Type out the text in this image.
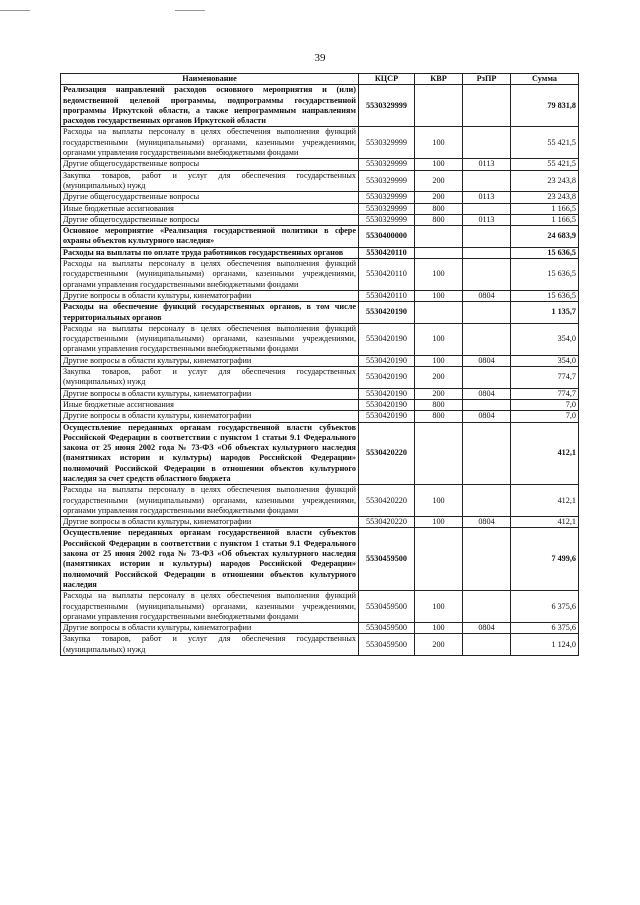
39
Наименование	КЦСР	КВР	РзПР	Сумма
Реализация направлений расходов основного мероприятия и (или) ведомственной целевой программы, подпрограммы государственной программы Иркутской области, а также непрограммным направлениям расходов государственных органов Иркутской области	5530329999			79 831,8
Расходы на выплаты персоналу в целях обеспечения выполнения функций государственными (муниципальными) органами, казенными учреждениями, органами управления государственными внебюджетными фондами	5530329999	100		55 421,5
Другие общегосударственные вопросы	5530329999	100	0113	55 421,5
Закупка товаров, работ и услуг для обеспечения государственных (муниципальных) нужд	5530329999	200		23 243,8
Другие общегосударственные вопросы	5530329999	200	0113	23 243,8
Иные бюджетные ассигнования	5530329999	800		1 166,5
Другие общегосударственные вопросы	5530329999	800	0113	1 166,5
Основное мероприятие «Реализация государственной политики в сфере охраны объектов культурного наследия»	5530400000			24 683,9
Расходы на выплаты по оплате труда работников государственных органов	5530420110			15 636,5
Расходы на выплаты персоналу в целях обеспечения выполнения функций государственными (муниципальными) органами, казенными учреждениями, органами управления государственными внебюджетными фондами	5530420110	100		15 636,5
Другие вопросы в области культуры, кинематографии	5530420110	100	0804	15 636,5
Расходы на обеспечение функций государственных органов, в том числе территориальных органов	5530420190			1 135,7
Расходы на выплаты персоналу в целях обеспечения выполнения функций государственными (муниципальными) органами, казенными учреждениями, органами управления государственными внебюджетными фондами	5530420190	100		354,0
Другие вопросы в области культуры, кинематографии	5530420190	100	0804	354,0
Закупка товаров, работ и услуг для обеспечения государственных (муниципальных) нужд	5530420190	200		774,7
Другие вопросы в области культуры, кинематографии	5530420190	200	0804	774,7
Иные бюджетные ассигнования	5530420190	800		7,0
Другие вопросы в области культуры, кинематографии	5530420190	800	0804	7,0
Осуществление переданных органам государственной власти субъектов Российской Федерации в соответствии с пунктом 1 статьи 9.1 Федерального закона от 25 июня 2002 года № 73-ФЗ «Об объектах культурного наследия (памятниках истории и культуры) народов Российской Федерации» полномочий Российской Федерации в отношении объектов культурного наследия за счет средств областного бюджета	5530420220			412,1
Расходы на выплаты персоналу в целях обеспечения выполнения функций государственными (муниципальными) органами, казенными учреждениями, органами управления государственными внебюджетными фондами	5530420220	100		412,1
Другие вопросы в области культуры, кинематографии	5530420220	100	0804	412,1
Осуществление переданных органам государственной власти субъектов Российской Федерации в соответствии с пунктом 1 статьи 9.1 Федерального закона от 25 июня 2002 года № 73-ФЗ «Об объектах культурного наследия (памятниках истории и культуры) народов Российской Федерации» полномочий Российской Федерации в отношении объектов культурного наследия	5530459500			7 499,6
Расходы на выплаты персоналу в целях обеспечения выполнения функций государственными (муниципальными) органами, казенными учреждениями, органами управления государственными внебюджетными фондами	5530459500	100		6 375,6
Другие вопросы в области культуры, кинематографии	5530459500	100	0804	6 375,6
Закупка товаров, работ и услуг для обеспечения государственных (муниципальных) нужд	5530459500	200		1 124,0
